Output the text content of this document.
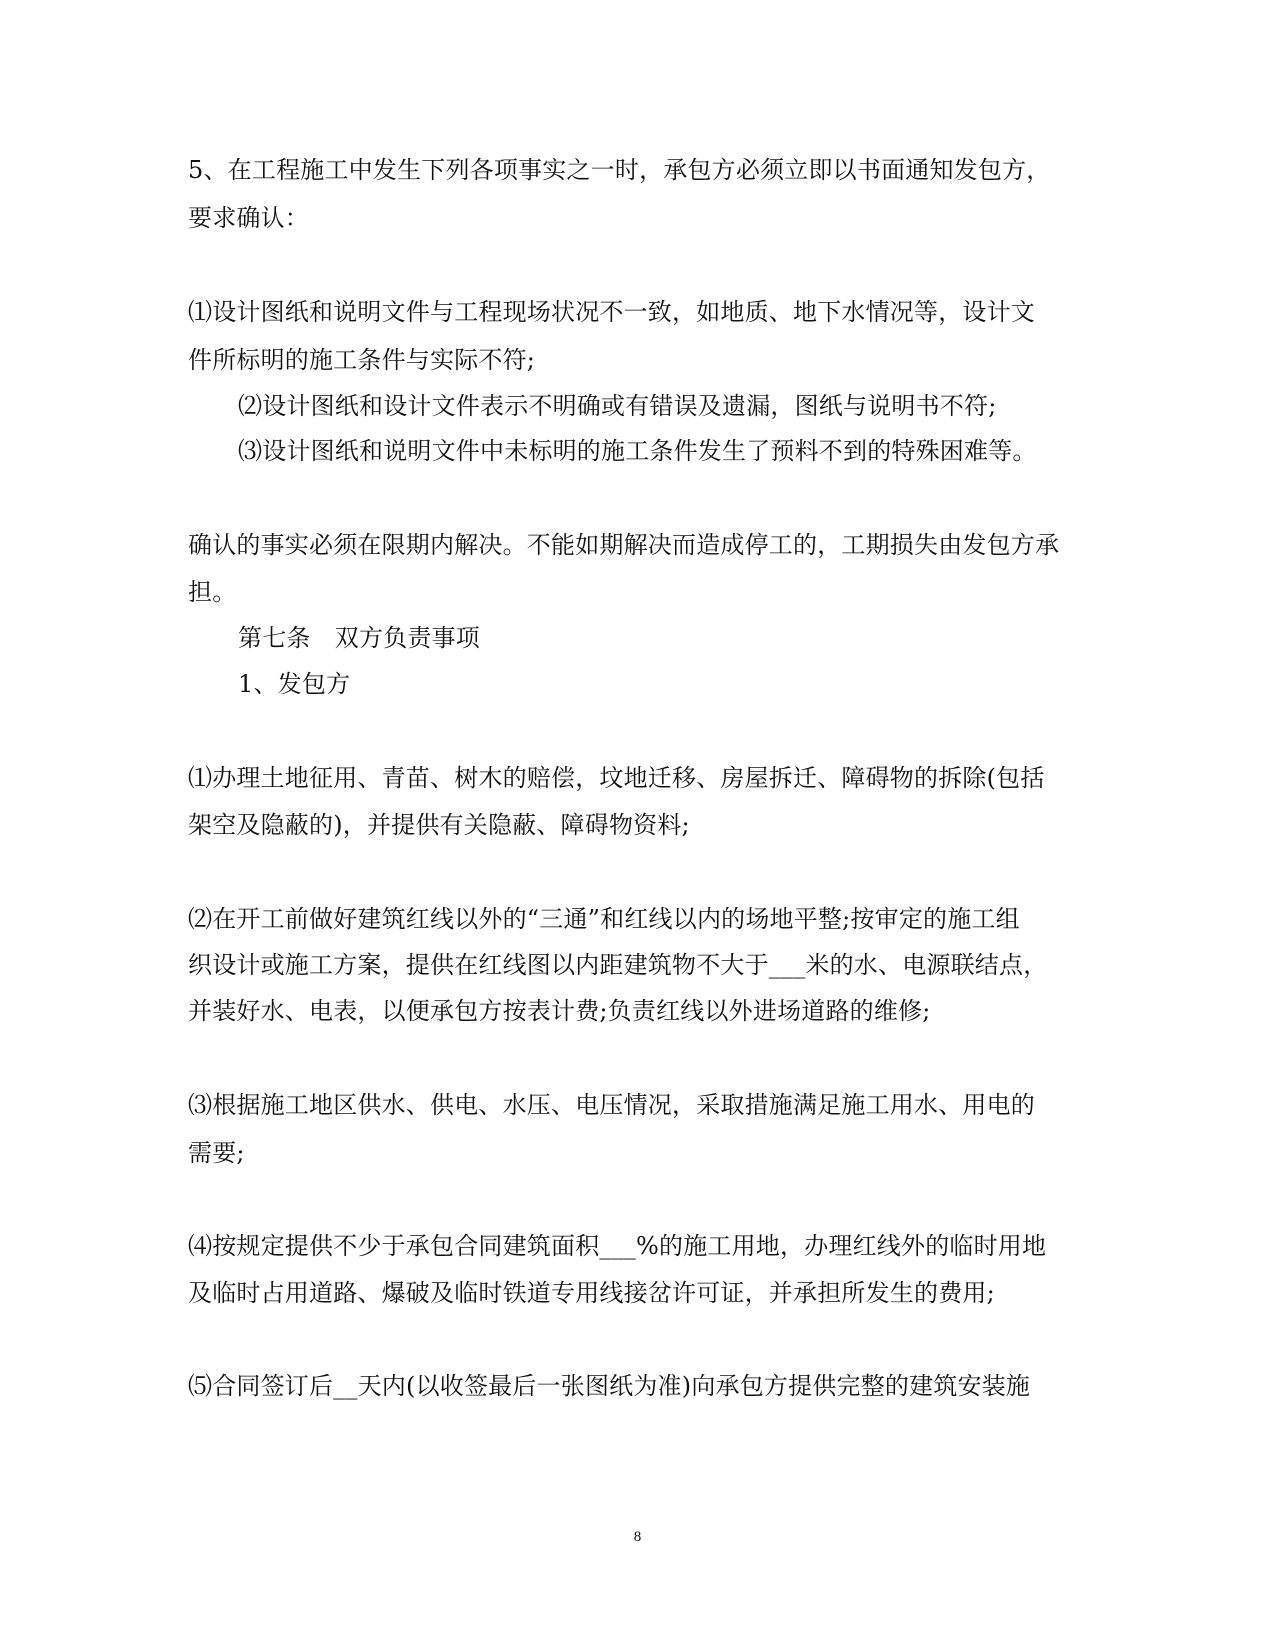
5、在工程施工中发生下列各项事实之一时，承包方必须立即以书面通知发包方，
要求确认：
⑴设计图纸和说明文件与工程现场状况不一致，如地质、地下水情况等，设计文
件所标明的施工条件与实际不符;
⑵设计图纸和设计文件表示不明确或有错误及遗漏，图纸与说明书不符;
⑶设计图纸和说明文件中未标明的施工条件发生了预料不到的特殊困难等。
确认的事实必须在限期内解决。不能如期解决而造成停工的，工期损失由发包方承
担。
第七条　双方负责事项
1、发包方
⑴办理土地征用、青苗、树木的赔偿，坟地迁移、房屋拆迁、障碍物的拆除(包括
架空及隐蔽的)，并提供有关隐蔽、障碍物资料;
⑵在开工前做好建筑红线以外的“三通”和红线以内的场地平整;按审定的施工组
织设计或施工方案，提供在红线图以内距建筑物不大于___米的水、电源联结点，
并装好水、电表，以便承包方按表计费;负责红线以外进场道路的维修;
⑶根据施工地区供水、供电、水压、电压情况，采取措施满足施工用水、用电的
需要;
⑷按规定提供不少于承包合同建筑面积___%的施工用地，办理红线外的临时用地
及临时占用道路、爆破及临时铁道专用线接岔许可证，并承担所发生的费用;
⑸合同签订后__天内(以收签最后一张图纸为准)向承包方提供完整的建筑安装施
8
